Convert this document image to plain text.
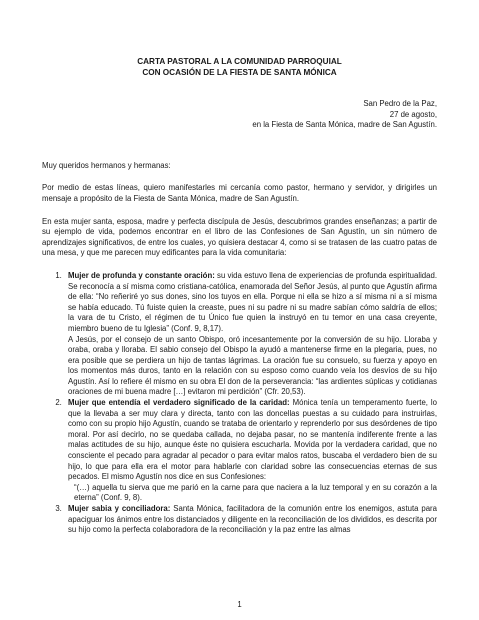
CARTA PASTORAL A LA COMUNIDAD PARROQUIAL
CON OCASIÓN DE LA FIESTA DE SANTA MÓNICA
San Pedro de la Paz,
27 de agosto,
en la Fiesta de Santa Mónica, madre de San Agustín.

Muy queridos hermanos y hermanas:

Por medio de estas líneas, quiero manifestarles mi cercanía como pastor, hermano y servidor, y dirigirles un mensaje a propósito de la Fiesta de Santa Mónica, madre de San Agustín.

En esta mujer santa, esposa, madre y perfecta discípula de Jesús, descubrimos grandes enseñanzas; a partir de su ejemplo de vida, podemos encontrar en el libro de las Confesiones de San Agustín, un sin número de aprendizajes significativos, de entre los cuales, yo quisiera destacar 4, como si se tratasen de las cuatro patas de una mesa, y que me parecen muy edificantes para la vida comunitaria:

1. Mujer de profunda y constante oración: su vida estuvo llena de experiencias de profunda espiritualidad. Se reconocía a sí misma como cristiana-católica, enamorada del Señor Jesús, al punto que Agustín afirma de ella: “No reñeriré yo sus dones, sino los tuyos en ella. Porque ni ella se hizo a sí misma ni a sí misma se había educado. Tú fuiste quien la creaste, pues ni su padre ni su madre sabían cómo saldría de ellos; la vara de tu Cristo, el régimen de tu Único fue quien la instruyó en tu temor en una casa creyente, miembro bueno de tu Iglesia” (Conf. 9, 8,17).
A Jesús, por el consejo de un santo Obispo, oró incesantemente por la conversión de su hijo. Lloraba y oraba, oraba y lloraba. El sabio consejo del Obispo la ayudó a mantenerse firme en la plegaria, pues, no era posible que se perdiera un hijo de tantas lágrimas. La oración fue su consuelo, su fuerza y apoyo en los momentos más duros, tanto en la relación con su esposo como cuando veía los desvíos de su hijo Agustín. Así lo refiere él mismo en su obra El don de la perseverancia: “las ardientes súplicas y cotidianas oraciones de mi buena madre […] evitaron mi perdición” (Cfr. 20,53).
2. Mujer que entendía el verdadero significado de la caridad: Mónica tenía un temperamento fuerte, lo que la llevaba a ser muy clara y directa, tanto con las doncellas puestas a su cuidado para instruirlas, como con su propio hijo Agustín, cuando se trataba de orientarlo y reprenderlo por sus desórdenes de tipo moral. Por así decirlo, no se quedaba callada, no dejaba pasar, no se mantenía indiferente frente a las malas actitudes de su hijo, aunque éste no quisiera escucharla. Movida por la verdadera caridad, que no consciente el pecado para agradar al pecador o para evitar malos ratos, buscaba el verdadero bien de su hijo, lo que para ella era el motor para hablarle con claridad sobre las consecuencias eternas de sus pecados. El mismo Agustín nos dice en sus Confesiones:
“(…) aquella tu sierva que me parió en la carne para que naciera a la luz temporal y en su corazón a la eterna” (Conf. 9, 8).
3. Mujer sabia y conciliadora: Santa Mónica, facilitadora de la comunión entre los enemigos, astuta para apaciguar los ánimos entre los distanciados y diligente en la reconciliación de los divididos, es descrita por su hijo como la perfecta colaboradora de la reconciliación y la paz entre las almas
1
